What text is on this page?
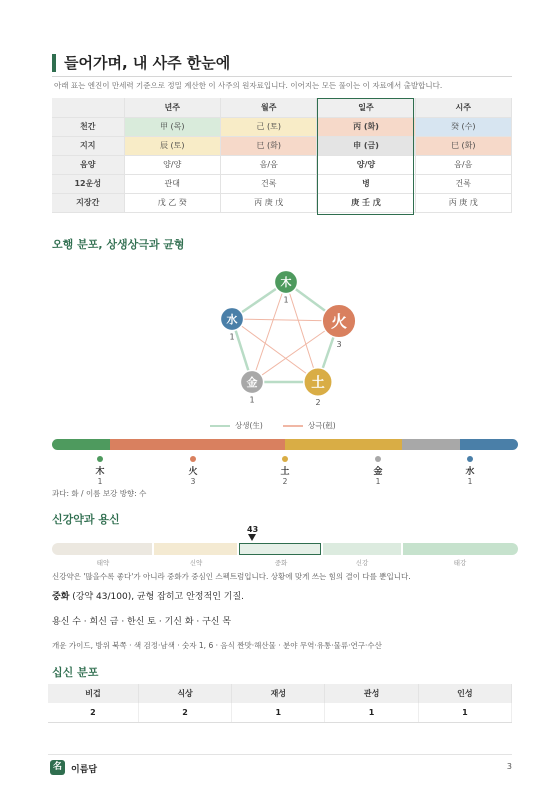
들어가며, 내 사주 한눈에
아래 표는 엔진이 만세력 기준으로 정밀 계산한 이 사주의 원자료입니다. 이어지는 모든 풀이는 이 자료에서 출발합니다.
	년주	월주	일주	시주
천간	甲 (목)	己 (토)	丙 (화)	癸 (수)
지지	辰 (토)	巳 (화)	申 (금)	巳 (화)
음양	양/양	음/음	양/양	음/음
12운성	관대	건록	병	건록
지장간	戊 乙 癸	丙 庚 戊	庚 壬 戊	丙 庚 戊
오행 분포, 상생상극과 균형
木
1
火
3
土
2
金
1
水
1
상생(生)	상극(剋)
木
1
火
3
土
2
金
1
水
1
과다: 화 / 이름 보강 방향: 수
신강약과 용신
43
태약	신약	중화	신강	태강
신강약은 '많을수록 좋다'가 아니라 중화가 중심인 스펙트럼입니다. 상황에 맞게 쓰는 힘의 결이 다를 뿐입니다.
중화 (강약 43/100), 균형 잡히고 안정적인 기질.
용신 수 · 희신 금 · 한신 토 · 기신 화 · 구신 목
개운 가이드, 방위 북쪽 · 색 검정·남색 · 숫자 1, 6 · 음식 짠맛·해산물 · 분야 무역·유통·물류·연구·수산
십신 분포
비겁	식상	재성	관성	인성
2	2	1	1	1
名	이름담	3
